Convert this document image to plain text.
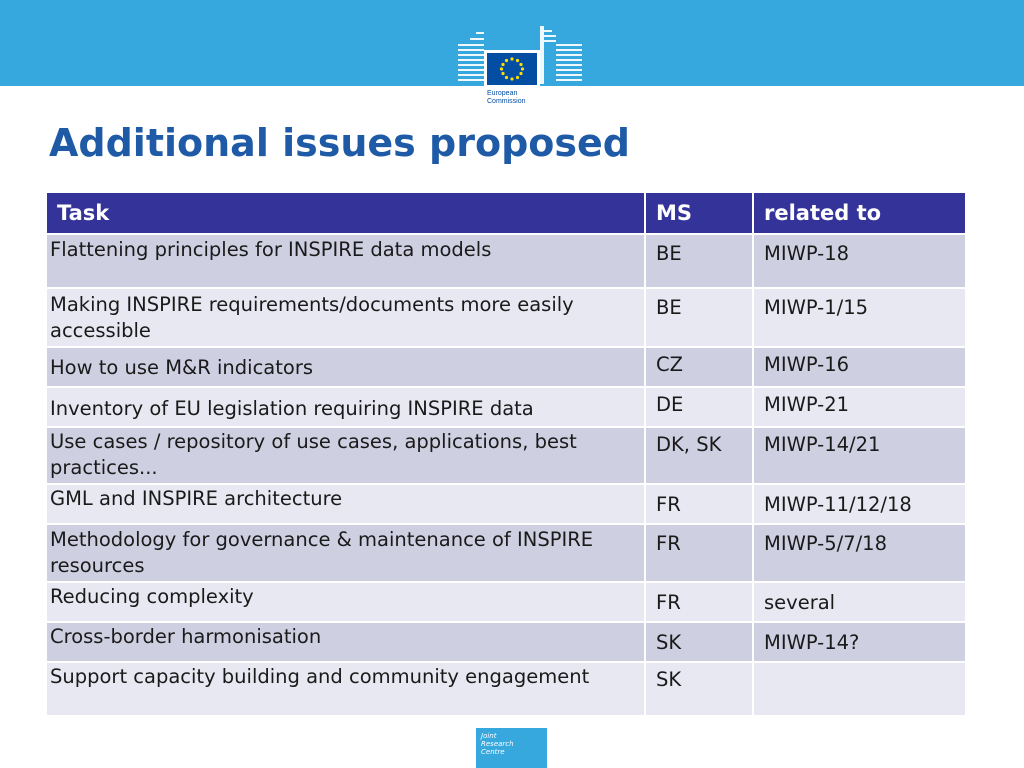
European
Commission
Additional issues proposed
Task	MS	related to
Flattening principles for INSPIRE data models	BE	MIWP-18
Making INSPIRE requirements/documents more easily accessible	BE	MIWP-1/15
How to use M&R indicators	CZ	MIWP-16
Inventory of EU legislation requiring INSPIRE data	DE	MIWP-21
Use cases / repository of use cases, applications, best practices...	DK, SK	MIWP-14/21
GML and INSPIRE architecture	FR	MIWP-11/12/18
Methodology for governance & maintenance of INSPIRE resources	FR	MIWP-5/7/18
Reducing complexity	FR	several
Cross-border harmonisation	SK	MIWP-14?
Support capacity building and community engagement	SK	
Joint
Research
Centre
